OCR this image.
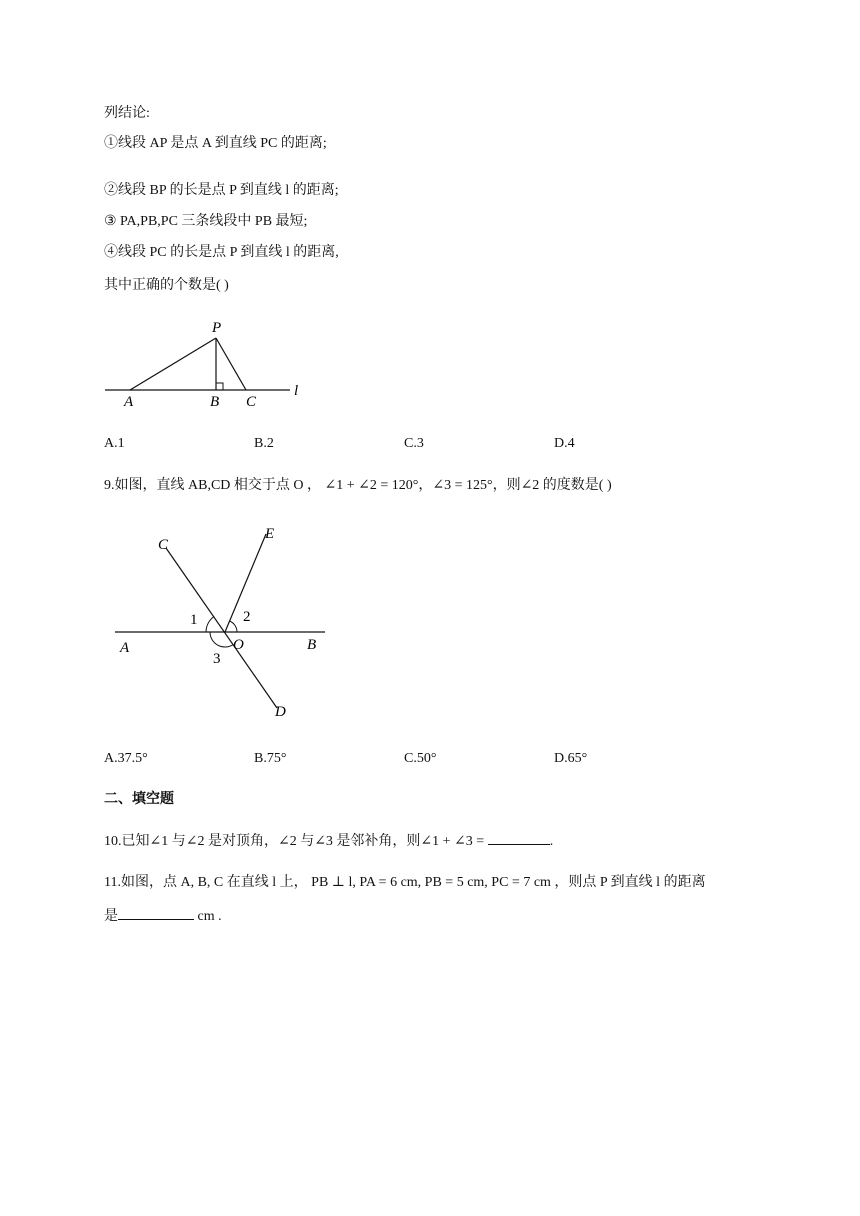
列结论:
①线段 AP 是点 A 到直线 PC 的距离;
②线段 BP 的长是点 P 到直线 l 的距离;
③ PA,PB,PC 三条线段中 PB 最短;
④线段 PC 的长是点 P 到直线 l 的距离,
其中正确的个数是( )
P
A	B C
l
A.1	B.2	C.3	D.4
9.如图，直线 AB,CD 相交于点 O ， ∠1 + ∠2 = 120°，∠3 = 125°，则∠2 的度数是( )
C
E
A	O	B
D
1	2
3
A.37.5°	B.75°	C.50°	D.65°
二、填空题
10.已知∠1 与∠2 是对顶角，∠2 与∠3 是邻补角，则∠1 + ∠3 =	.
11.如图，点 A, B, C 在直线 l 上， PB ⊥ l, PA = 6 cm, PB = 5 cm, PC = 7 cm ，则点 P 到直线 l 的距离
是	cm .
